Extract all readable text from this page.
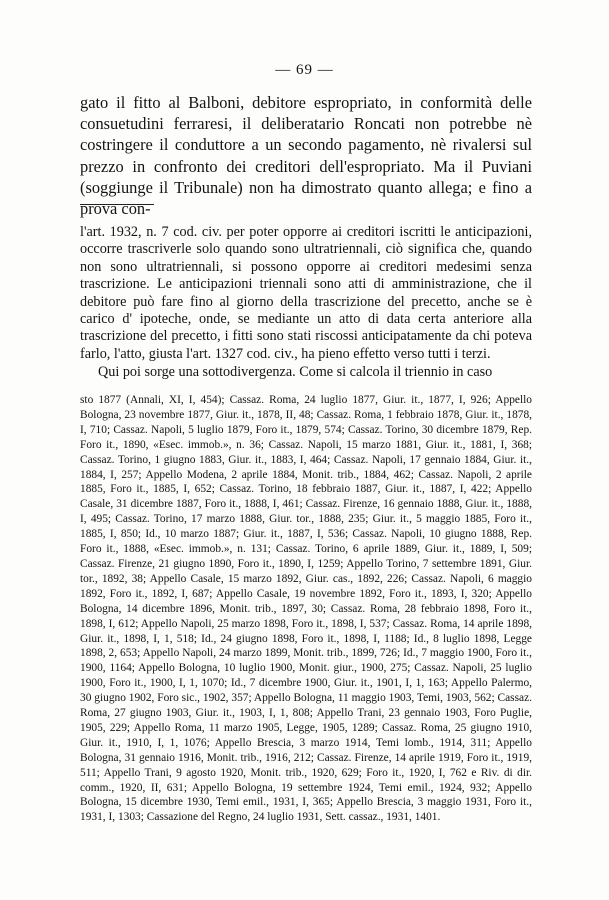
— 69 —

gato il fitto al Balboni, debitore espropriato, in conformità delle consuetudini ferraresi, il deliberatario Roncati non potrebbe nè costringere il conduttore a un secondo pagamento, nè rivalersi sul prezzo in confronto dei creditori dell'espropriato. Ma il Puviani (soggiunge il Tribunale) non ha dimostrato quanto allega; e fino a prova con-

l'art. 1932, n. 7 cod. civ. per poter opporre ai creditori iscritti le anticipazioni, occorre trascriverle solo quando sono ultratriennali, ciò significa che, quando non sono ultratriennali, si possono opporre ai creditori medesimi senza trascrizione. Le anticipazioni triennali sono atti di amministrazione, che il debitore può fare fino al giorno della trascrizione del precetto, anche se è carico d' ipoteche, onde, se mediante un atto di data certa anteriore alla trascrizione del precetto, i fitti sono stati riscossi anticipatamente da chi poteva farlo, l'atto, giusta l'art. 1327 cod. civ., ha pieno effetto verso tutti i terzi.

Qui poi sorge una sottodivergenza. Come si calcola il triennio in caso

sto 1877 (Annali, XI, I, 454); Cassaz. Roma, 24 luglio 1877, Giur. it., 1877, I, 926; Appello Bologna, 23 novembre 1877, Giur. it., 1878, II, 48; Cassaz. Roma, 1 febbraio 1878, Giur. it., 1878, I, 710; Cassaz. Napoli, 5 luglio 1879, Foro it., 1879, 574; Cassaz. Torino, 30 dicembre 1879, Rep. Foro it., 1890, «Esec. immob.», n. 36; Cassaz. Napoli, 15 marzo 1881, Giur. it., 1881, I, 368; Cassaz. Torino, 1 giugno 1883, Giur. it., 1883, I, 464; Cassaz. Napoli, 17 gennaio 1884, Giur. it., 1884, I, 257; Appello Modena, 2 aprile 1884, Monit. trib., 1884, 462; Cassaz. Napoli, 2 aprile 1885, Foro it., 1885, I, 652; Cassaz. Torino, 18 febbraio 1887, Giur. it., 1887, I, 422; Appello Casale, 31 dicembre 1887, Foro it., 1888, I, 461; Cassaz. Firenze, 16 gennaio 1888, Giur. it., 1888, I, 495; Cassaz. Torino, 17 marzo 1888, Giur. tor., 1888, 235; Giur. it., 5 maggio 1885, Foro it., 1885, I, 850; Id., 10 marzo 1887; Giur. it., 1887, I, 536; Cassaz. Napoli, 10 giugno 1888, Rep. Foro it., 1888, «Esec. immob.», n. 131; Cassaz. Torino, 6 aprile 1889, Giur. it., 1889, I, 509; Cassaz. Firenze, 21 giugno 1890, Foro it., 1890, I, 1259; Appello Torino, 7 settembre 1891, Giur. tor., 1892, 38; Appello Casale, 15 marzo 1892, Giur. cas., 1892, 226; Cassaz. Napoli, 6 maggio 1892, Foro it., 1892, I, 687; Appello Casale, 19 novembre 1892, Foro it., 1893, I, 320; Appello Bologna, 14 dicembre 1896, Monit. trib., 1897, 30; Cassaz. Roma, 28 febbraio 1898, Foro it., 1898, I, 612; Appello Napoli, 25 marzo 1898, Foro it., 1898, I, 537; Cassaz. Roma, 14 aprile 1898, Giur. it., 1898, I, 1, 518; Id., 24 giugno 1898, Foro it., 1898, I, 1188; Id., 8 luglio 1898, Legge 1898, 2, 653; Appello Napoli, 24 marzo 1899, Monit. trib., 1899, 726; Id., 7 maggio 1900, Foro it., 1900, 1164; Appello Bologna, 10 luglio 1900, Monit. giur., 1900, 275; Cassaz. Napoli, 25 luglio 1900, Foro it., 1900, I, 1, 1070; Id., 7 dicembre 1900, Giur. it., 1901, I, 1, 163; Appello Palermo, 30 giugno 1902, Foro sic., 1902, 357; Appello Bologna, 11 maggio 1903, Temi, 1903, 562; Cassaz. Roma, 27 giugno 1903, Giur. it., 1903, I, 1, 808; Appello Trani, 23 gennaio 1903, Foro Puglie, 1905, 229; Appello Roma, 11 marzo 1905, Legge, 1905, 1289; Cassaz. Roma, 25 giugno 1910, Giur. it., 1910, I, 1, 1076; Appello Brescia, 3 marzo 1914, Temi lomb., 1914, 311; Appello Bologna, 31 gennaio 1916, Monit. trib., 1916, 212; Cassaz. Firenze, 14 aprile 1919, Foro it., 1919, 511; Appello Trani, 9 agosto 1920, Monit. trib., 1920, 629; Foro it., 1920, I, 762 e Riv. di dir. comm., 1920, II, 631; Appello Bologna, 19 settembre 1924, Temi emil., 1924, 932; Appello Bologna, 15 dicembre 1930, Temi emil., 1931, I, 365; Appello Brescia, 3 maggio 1931, Foro it., 1931, I, 1303; Cassazione del Regno, 24 luglio 1931, Sett. cassaz., 1931, 1401.
